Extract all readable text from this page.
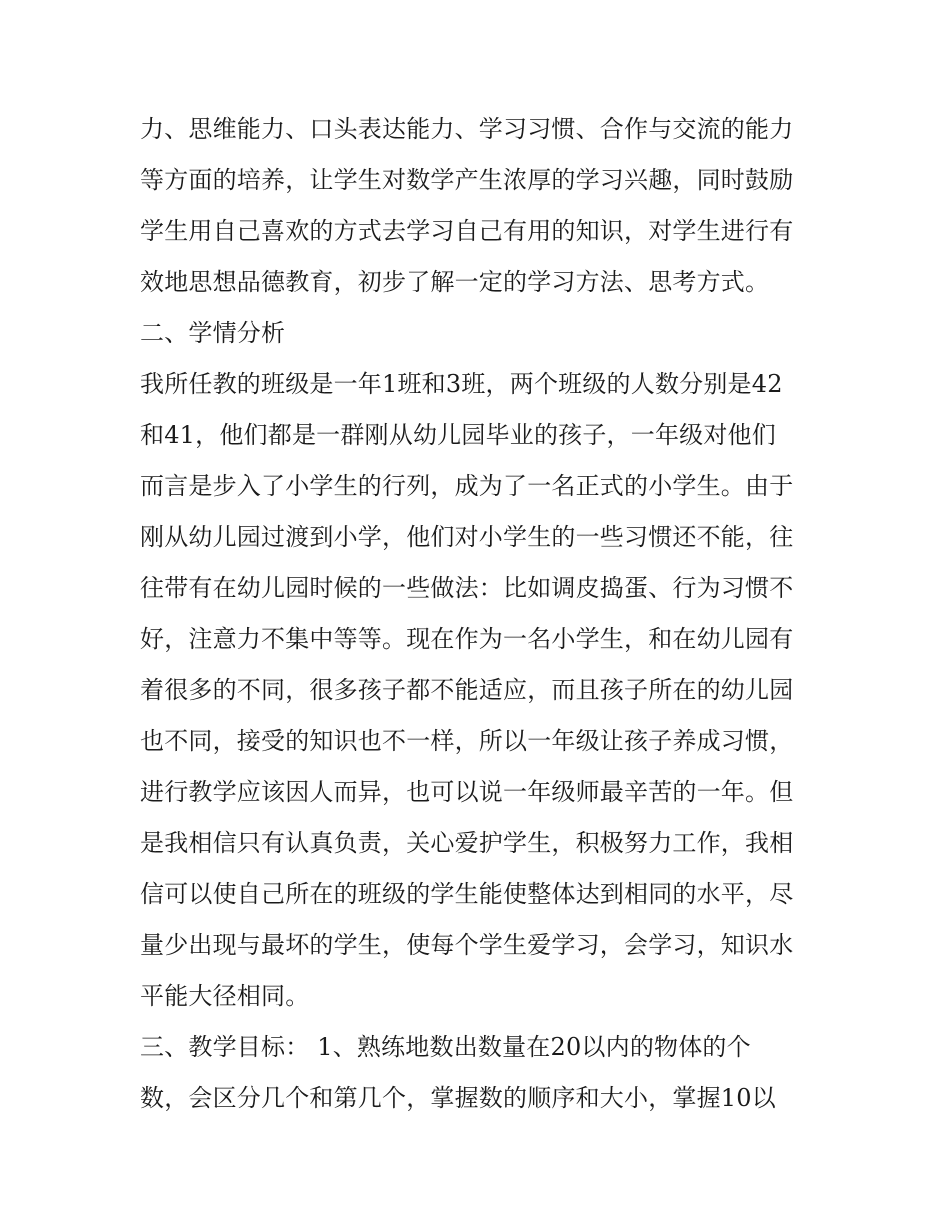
力、思维能力、口头表达能力、学习习惯、合作与交流的能力
等方面的培养，让学生对数学产生浓厚的学习兴趣，同时鼓励
学生用自己喜欢的方式去学习自己有用的知识，对学生进行有
效地思想品德教育，初步了解一定的学习方法、思考方式。
二、学情分析
我所任教的班级是一年1班和3班，两个班级的人数分别是42
和41，他们都是一群刚从幼儿园毕业的孩子，一年级对他们
而言是步入了小学生的行列，成为了一名正式的小学生。由于
刚从幼儿园过渡到小学，他们对小学生的一些习惯还不能，往
往带有在幼儿园时候的一些做法：比如调皮捣蛋、行为习惯不
好，注意力不集中等等。现在作为一名小学生，和在幼儿园有
着很多的不同，很多孩子都不能适应，而且孩子所在的幼儿园
也不同，接受的知识也不一样，所以一年级让孩子养成习惯，
进行教学应该因人而异，也可以说一年级师最辛苦的一年。但
是我相信只有认真负责，关心爱护学生，积极努力工作，我相
信可以使自己所在的班级的学生能使整体达到相同的水平，尽
量少出现与最坏的学生，使每个学生爱学习，会学习，知识水
平能大径相同。
三、教学目标： 1、熟练地数出数量在20以内的物体的个
数，会区分几个和第几个，掌握数的顺序和大小，掌握10以
